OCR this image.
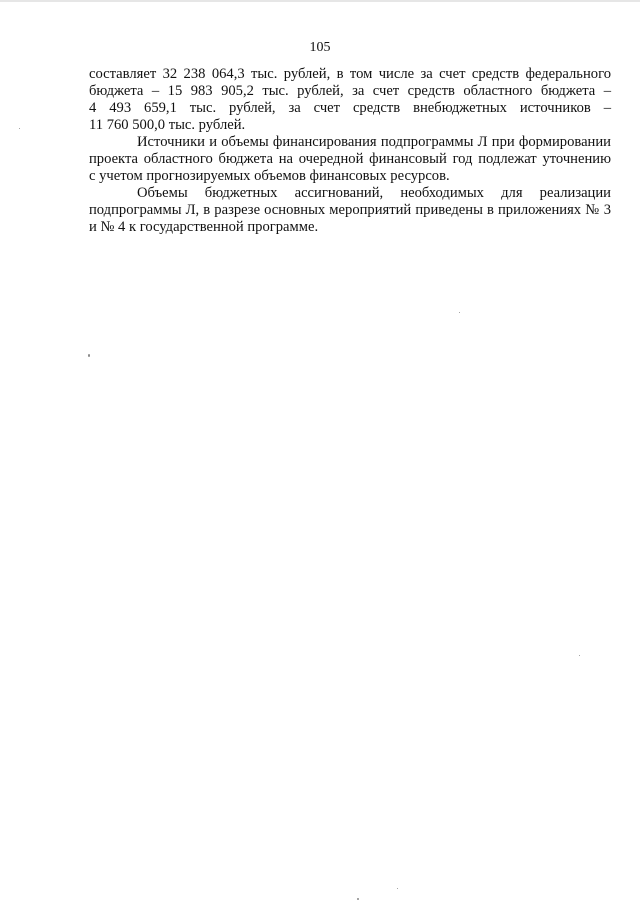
105
составляет 32 238 064,3 тыс. рублей, в том числе за счет средств федерального
бюджета – 15 983 905,2 тыс. рублей, за счет средств областного бюджета –
4 493 659,1 тыс. рублей, за счет средств внебюджетных источников –
11 760 500,0 тыс. рублей.
Источники и объемы финансирования подпрограммы Л при формировании
проекта областного бюджета на очередной финансовый год подлежат уточнению
с учетом прогнозируемых объемов финансовых ресурсов.
Объемы бюджетных ассигнований, необходимых для реализации
подпрограммы Л, в разрезе основных мероприятий приведены в приложениях № 3
и № 4 к государственной программе.
